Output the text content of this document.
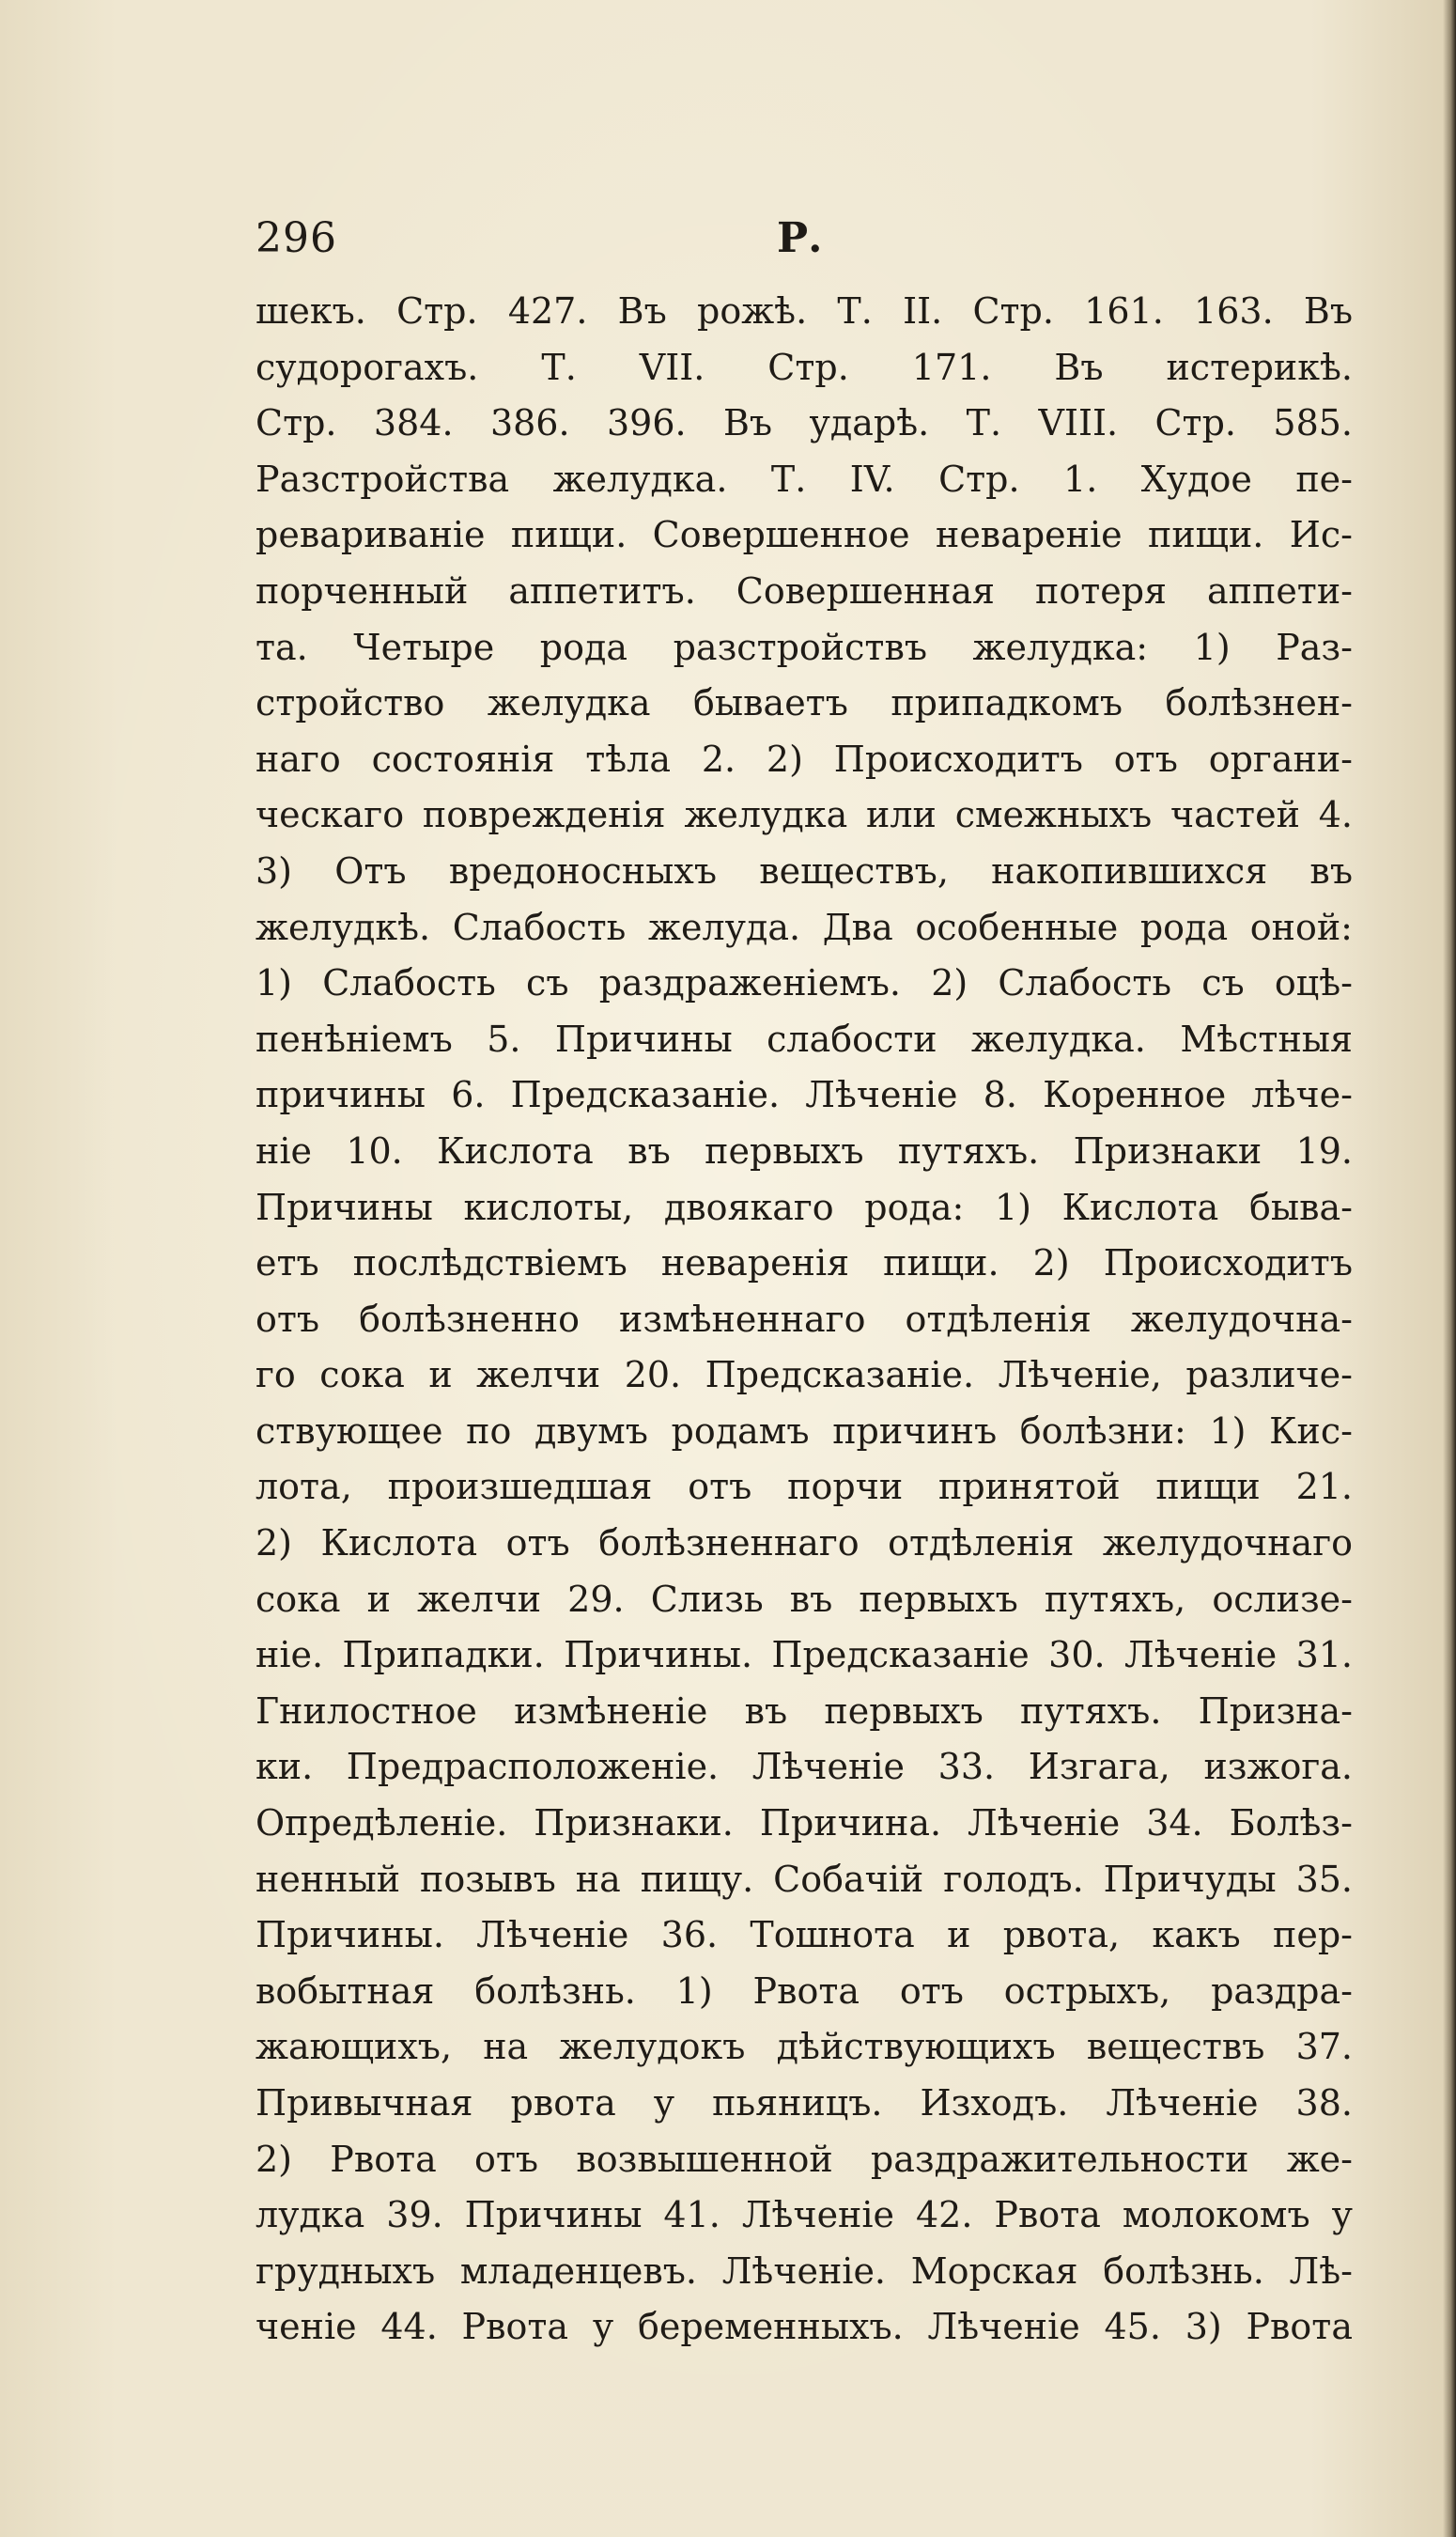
296	Р.
шекъ. Стр. 427. Въ рожѣ. Т. II. Стр. 161. 163. Въ
судорогахъ. Т. VII. Стр. 171. Въ истерикѣ.
Стр. 384. 386. 396. Въ ударѣ. Т. VIII. Стр. 585.
Разстройства желудка. Т. IV. Стр. 1. Худое пе-
ревариванiе пищи. Совершенное неваренiе пищи. Ис-
порченный аппетитъ. Совершенная потеря аппети-
та. Четыре рода разстройствъ желудка: 1) Раз-
стройство желудка бываетъ припадкомъ болѣзнен-
наго состоянiя тѣла 2. 2) Происходитъ отъ органи-
ческаго поврежденiя желудка или смежныхъ частей 4.
3) Отъ вредоносныхъ веществъ, накопившихся въ
желудкѣ. Слабость желуда. Два особенные рода оной:
1) Слабость съ раздраженiемъ. 2) Слабость съ оцѣ-
пенѣнiемъ 5. Причины слабости желудка. Мѣстныя
причины 6. Предсказанiе. Лѣченiе 8. Коренное лѣче-
нiе 10. Кислота въ первыхъ путяхъ. Признаки 19.
Причины кислоты, двоякаго рода: 1) Кислота быва-
етъ послѣдствiемъ неваренiя пищи. 2) Происходитъ
отъ болѣзненно измѣненнаго отдѣленiя желудочна-
го сока и желчи 20. Предсказанiе. Лѣченiе, различе-
ствующее по двумъ родамъ причинъ болѣзни: 1) Кис-
лота, произшедшая отъ порчи принятой пищи 21.
2) Кислота отъ болѣзненнаго отдѣленiя желудочнаго
сока и желчи 29. Слизь въ первыхъ путяхъ, ослизе-
нiе. Припадки. Причины. Предсказанiе 30. Лѣченiе 31.
Гнилостное измѣненiе въ первыхъ путяхъ. Призна-
ки. Предрасположенiе. Лѣченiе 33. Изгага, изжога.
Опредѣленiе. Признаки. Причина. Лѣченiе 34. Болѣз-
ненный позывъ на пищу. Собачiй голодъ. Причуды 35.
Причины. Лѣченiе 36. Тошнота и рвота, какъ пер-
вобытная болѣзнь. 1) Рвота отъ острыхъ, раздра-
жающихъ, на желудокъ дѣйствующихъ веществъ 37.
Привычная рвота у пьяницъ. Изходъ. Лѣченiе 38.
2) Рвота отъ возвышенной раздражительности же-
лудка 39. Причины 41. Лѣченiе 42. Рвота молокомъ у
грудныхъ младенцевъ. Лѣченiе. Морская болѣзнь. Лѣ-
ченiе 44. Рвота у беременныхъ. Лѣченiе 45. 3) Рвота
